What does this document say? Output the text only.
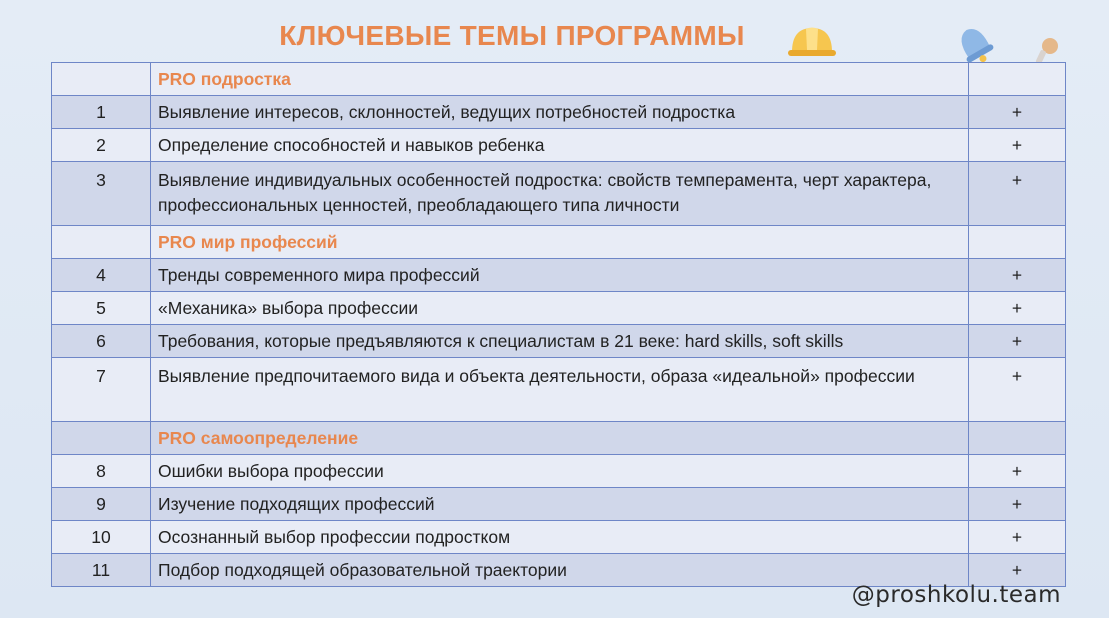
КЛЮЧЕВЫЕ ТЕМЫ ПРОГРАММЫ
	PRO подростка	
1	Выявление интересов, склонностей, ведущих потребностей подростка	+
2	Определение способностей и навыков ребенка	+
3	Выявление индивидуальных особенностей подростка: свойств темперамента, черт характера, профессиональных ценностей, преобладающего типа личности	+
	PRO мир профессий	
4	Тренды современного мира профессий	+
5	«Механика» выбора профессии	+
6	Требования, которые предъявляются к специалистам в 21 веке: hard skills, soft skills	+
7	Выявление предпочитаемого вида и объекта деятельности, образа «идеальной» профессии	+
	PRO самоопределение	
8	Ошибки выбора профессии	+
9	Изучение подходящих профессий	+
10	Осознанный выбор профессии подростком	+
11	Подбор подходящей образовательной траектории	+
@proshkolu.team
